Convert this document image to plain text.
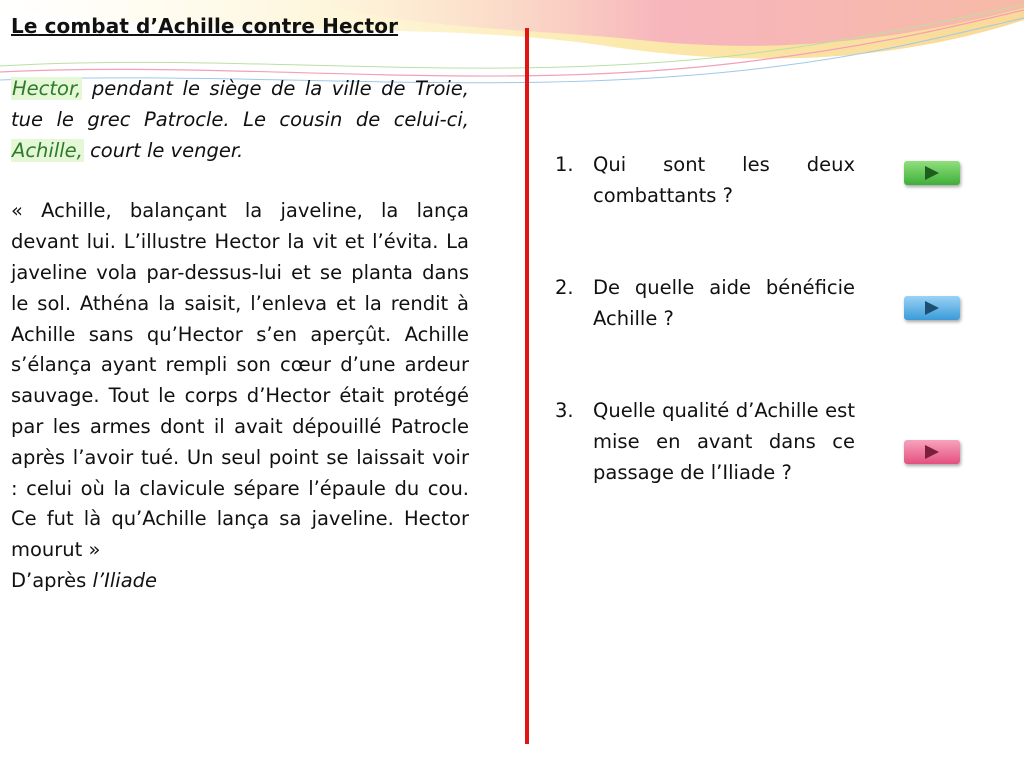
Le combat d’Achille contre Hector

Hector, pendant le siège de la ville de Troie, tue le grec Patrocle. Le cousin de celui-ci, Achille, court le venger.

« Achille, balançant la javeline, la lança devant lui. L’illustre Hector la vit et l’évita. La javeline vola par-dessus-lui et se planta dans le sol. Athéna la saisit, l’enleva et la rendit à Achille sans qu’Hector s’en aperçût. Achille s’élança ayant rempli son cœur d’une ardeur sauvage. Tout le corps d’Hector était protégé par les armes dont il avait dépouillé Patrocle après l’avoir tué. Un seul point se laissait voir : celui où la clavicule sépare l’épaule du cou. Ce fut là qu’Achille lança sa javeline. Hector mourut »

D’après l’Iliade

1. Qui sont les deux combattants ?
2. De quelle aide bénéficie Achille ?
3. Quelle qualité d’Achille est mise en avant dans ce passage de l’Iliade ?
